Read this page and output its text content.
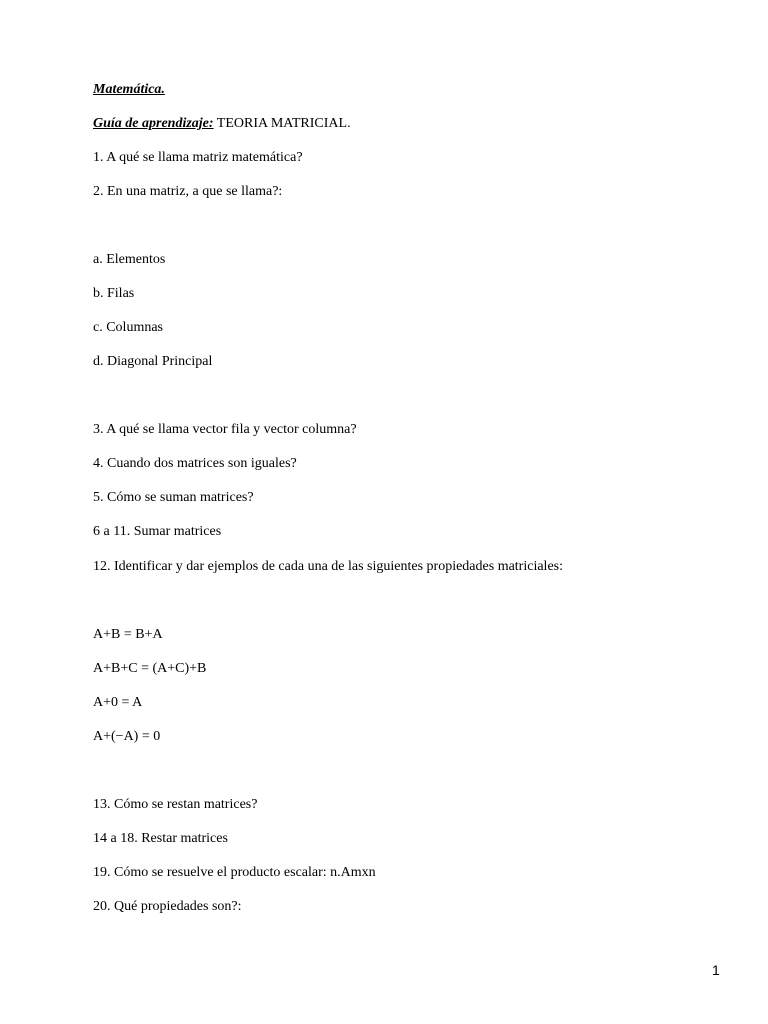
Matemática.

Guía de aprendizaje: TEORIA MATRICIAL.

1. A qué se llama matriz matemática?

2. En una matriz, a que se llama?:

a. Elementos

b. Filas

c. Columnas

d. Diagonal Principal

3. A qué se llama vector fila y vector columna?

4. Cuando dos matrices son iguales?

5. Cómo se suman matrices?

6 a 11. Sumar matrices

12. Identificar y dar ejemplos de cada una de las siguientes propiedades matriciales:

A+B = B+A

A+B+C = (A+C)+B

A+0 = A

A+(−A) = 0

13. Cómo se restan matrices?

14 a 18. Restar matrices

19. Cómo se resuelve el producto escalar: n.Amxn

20. Qué propiedades son?:

1
